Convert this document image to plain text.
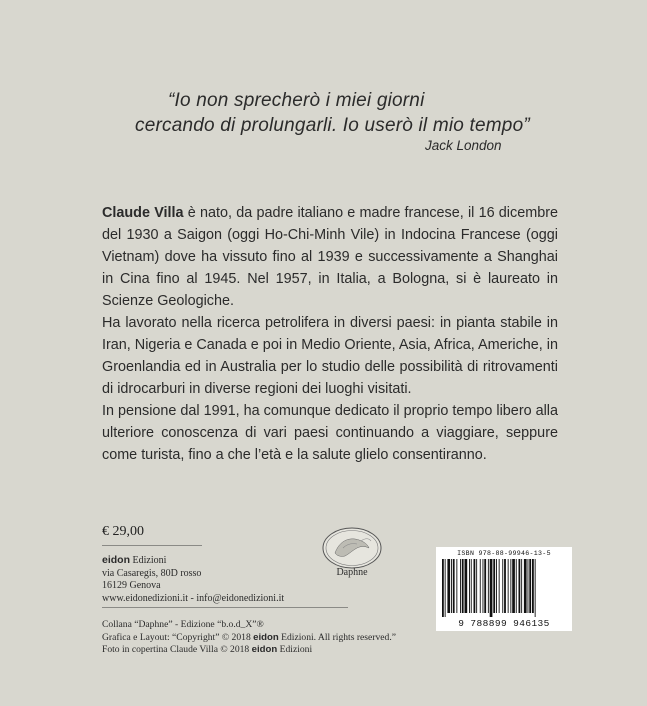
“Io non sprecherò i miei giorni
cercando di prolungarli. Io userò il mio tempo”
Jack London

Claude Villa è nato, da padre italiano e madre francese, il 16 dicembre del 1930 a Saigon (oggi Ho-Chi-Minh Vile) in Indocina Francese (oggi Vietnam) dove ha vissuto fino al 1939 e successivamente a Shanghai in Cina fino al 1945. Nel 1957, in Italia, a Bologna, si è laureato in Scienze Geologiche.

Ha lavorato nella ricerca petrolifera in diversi paesi: in pianta stabile in Iran, Nigeria e Canada e poi in Medio Oriente, Asia, Africa, Americhe, in Groenlandia ed in Australia per lo studio delle possibilità di ritrovamenti di idrocarburi in diverse regioni dei luoghi visitati.

In pensione dal 1991, ha comunque dedicato il proprio tempo libero alla ulteriore conoscenza di vari paesi continuando a viaggiare, seppure come turista, fino a che l’età e la salute glielo consentiranno.

€ 29,00
eidon Edizioni
via Casaregis, 80D rosso
16129 Genova
www.eidonedizioni.it - info@eidonedizioni.it
Collana “Daphne” - Edizione “b.o.d_X”®
Grafica e Layout: “Copyright” © 2018 eidon Edizioni. All rights reserved.”
Foto in copertina Claude Villa © 2018 eidon Edizioni
Daphne
ISBN 978-88-99946-13-5
9 788899 946135
